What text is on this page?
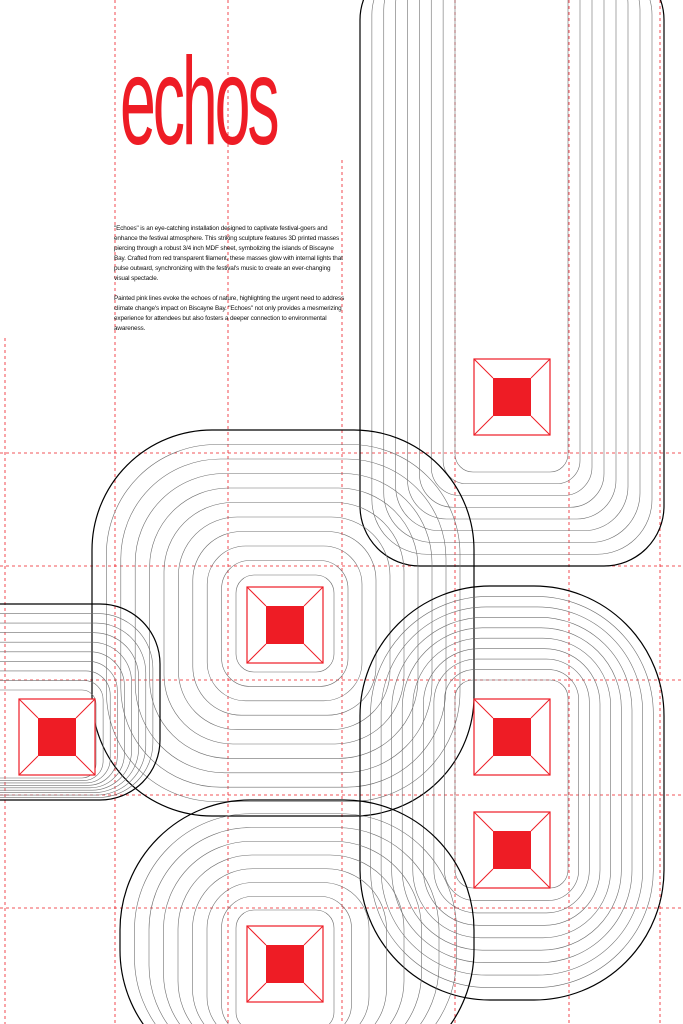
echos

"Echoes" is an eye-catching installation designed to captivate festival-goers and enhance the festival atmosphere. This striking sculpture features 3D printed masses piercing through a robust 3/4 inch MDF sheet, symbolizing the islands of Biscayne Bay. Crafted from red transparent filament, these masses glow with internal lights that pulse outward, synchronizing with the festival's music to create an ever-changing visual spectacle.

Painted pink lines evoke the echoes of nature, highlighting the urgent need to address climate change's impact on Biscayne Bay. "Echoes" not only provides a mesmerizing experience for attendees but also fosters a deeper connection to environmental awareness.
